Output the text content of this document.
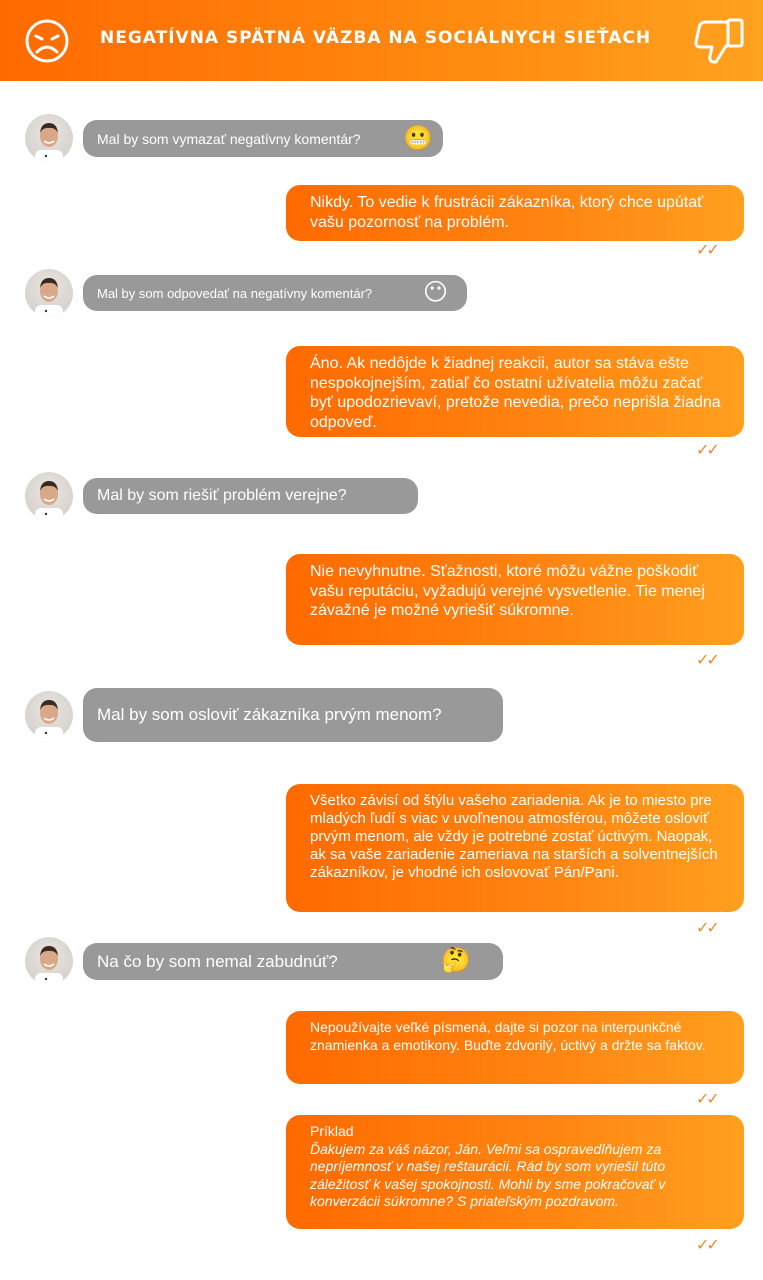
NEGATÍVNA SPÄTNÁ VÄZBA NA SOCIÁLNYCH SIEŤACH
Mal by som vymazať negatívny komentár? 😬
Nikdy. To vedie k frustrácii zákazníka, ktorý chce upútať vašu pozornosť na problém.
✓✓
Mal by som odpovedať na negatívny komentár? 😶
Áno. Ak nedôjde k žiadnej reakcii, autor sa stáva ešte nespokojnejším, zatiaľ čo ostatní užívatelia môžu začať byť upodozrievaví, pretože nevedia, prečo neprišla žiadna odpoveď.
✓✓
Mal by som riešiť problém verejne?
Nie nevyhnutne. Sťažnosti, ktoré môžu vážne poškodiť vašu reputáciu, vyžadujú verejné vysvetlenie. Tie menej závažné je možné vyriešiť súkromne.
✓✓
Mal by som osloviť zákazníka prvým menom?
Všetko závisí od štýlu vašeho zariadenia. Ak je to miesto pre mladých ľudí s viac v uvoľnenou atmosférou, môžete osloviť prvým menom, ale vždy je potrebné zostať úctivým. Naopak, ak sa vaše zariadenie zameriava na starších a solventnejších zákazníkov, je vhodné ich oslovovať Pán/Pani.
✓✓
Na čo by som nemal zabudnúť?	🤔
Nepoužívajte veľké písmená, dajte si pozor na interpunkčné znamienka a emotikony. Buďte zdvorilý, úctivý a držte sa faktov.
✓✓
Príklad
Ďakujem za váš názor, Ján. Veľmi sa ospravedlňujem za nepríjemnosť v našej reštaurácii. Rád by som vyriešil túto záležitosť k vašej spokojnosti. Mohli by sme pokračovať v konverzácii súkromne? S priateľským pozdravom.
✓✓
